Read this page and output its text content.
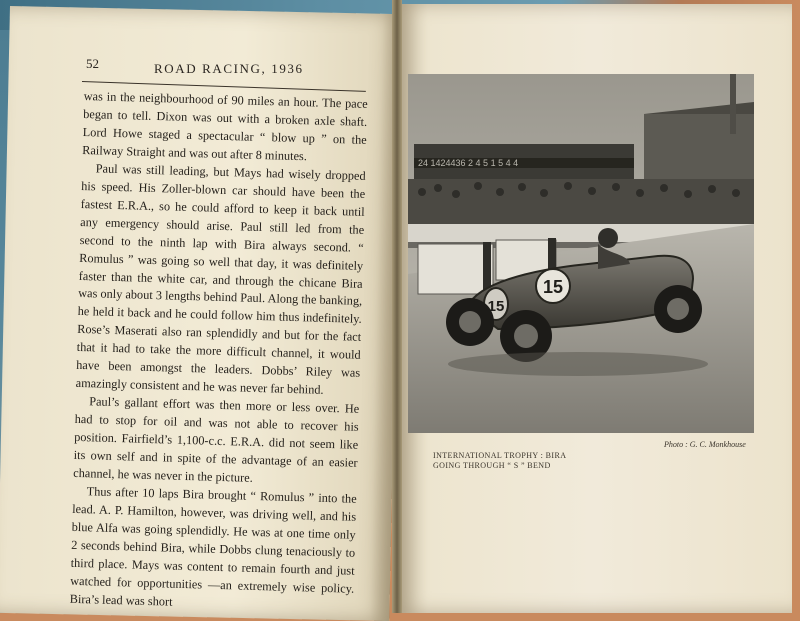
52	ROAD RACING, 1936

was in the neighbourhood of 90 miles an hour. The pace began to tell. Dixon was out with a broken axle shaft. Lord Howe staged a spectacular “ blow up ” on the Railway Straight and was out after 8 minutes.

Paul was still leading, but Mays had wisely dropped his speed. His Zoller-blown car should have been the fastest E.R.A., so he could afford to keep it back until any emergency should arise. Paul still led from the second to the ninth lap with Bira always second. “ Romulus ” was going so well that day, it was definitely faster than the white car, and through the chicane Bira was only about 3 lengths behind Paul. Along the banking, he held it back and he could follow him thus indefinitely. Rose’s Maserati also ran splendidly and but for the fact that it had to take the more difficult channel, it would have been amongst the leaders. Dobbs’ Riley was amazingly consistent and he was never far behind.

Paul’s gallant effort was then more or less over. He had to stop for oil and was not able to recover his position. Fairfield’s 1,100-c.c. E.R.A. did not seem like its own self and in spite of the advantage of an easier channel, he was never in the picture.

Thus after 10 laps Bira brought “ Romulus ” into the lead. A. P. Hamilton, however, was driving well, and his blue Alfa was going splendidly. He was at one time only 2 seconds behind Bira, while Dobbs clung tenaciously to third place. Mays was content to remain fourth and just watched for opportunities —an extremely wise policy. Bira’s lead was short

24 1424436 2 4 5 1 5 4 4
15
15
Photo : G. C. Monkhouse
INTERNATIONAL TROPHY : BIRA
GOING THROUGH “ S ” BEND
